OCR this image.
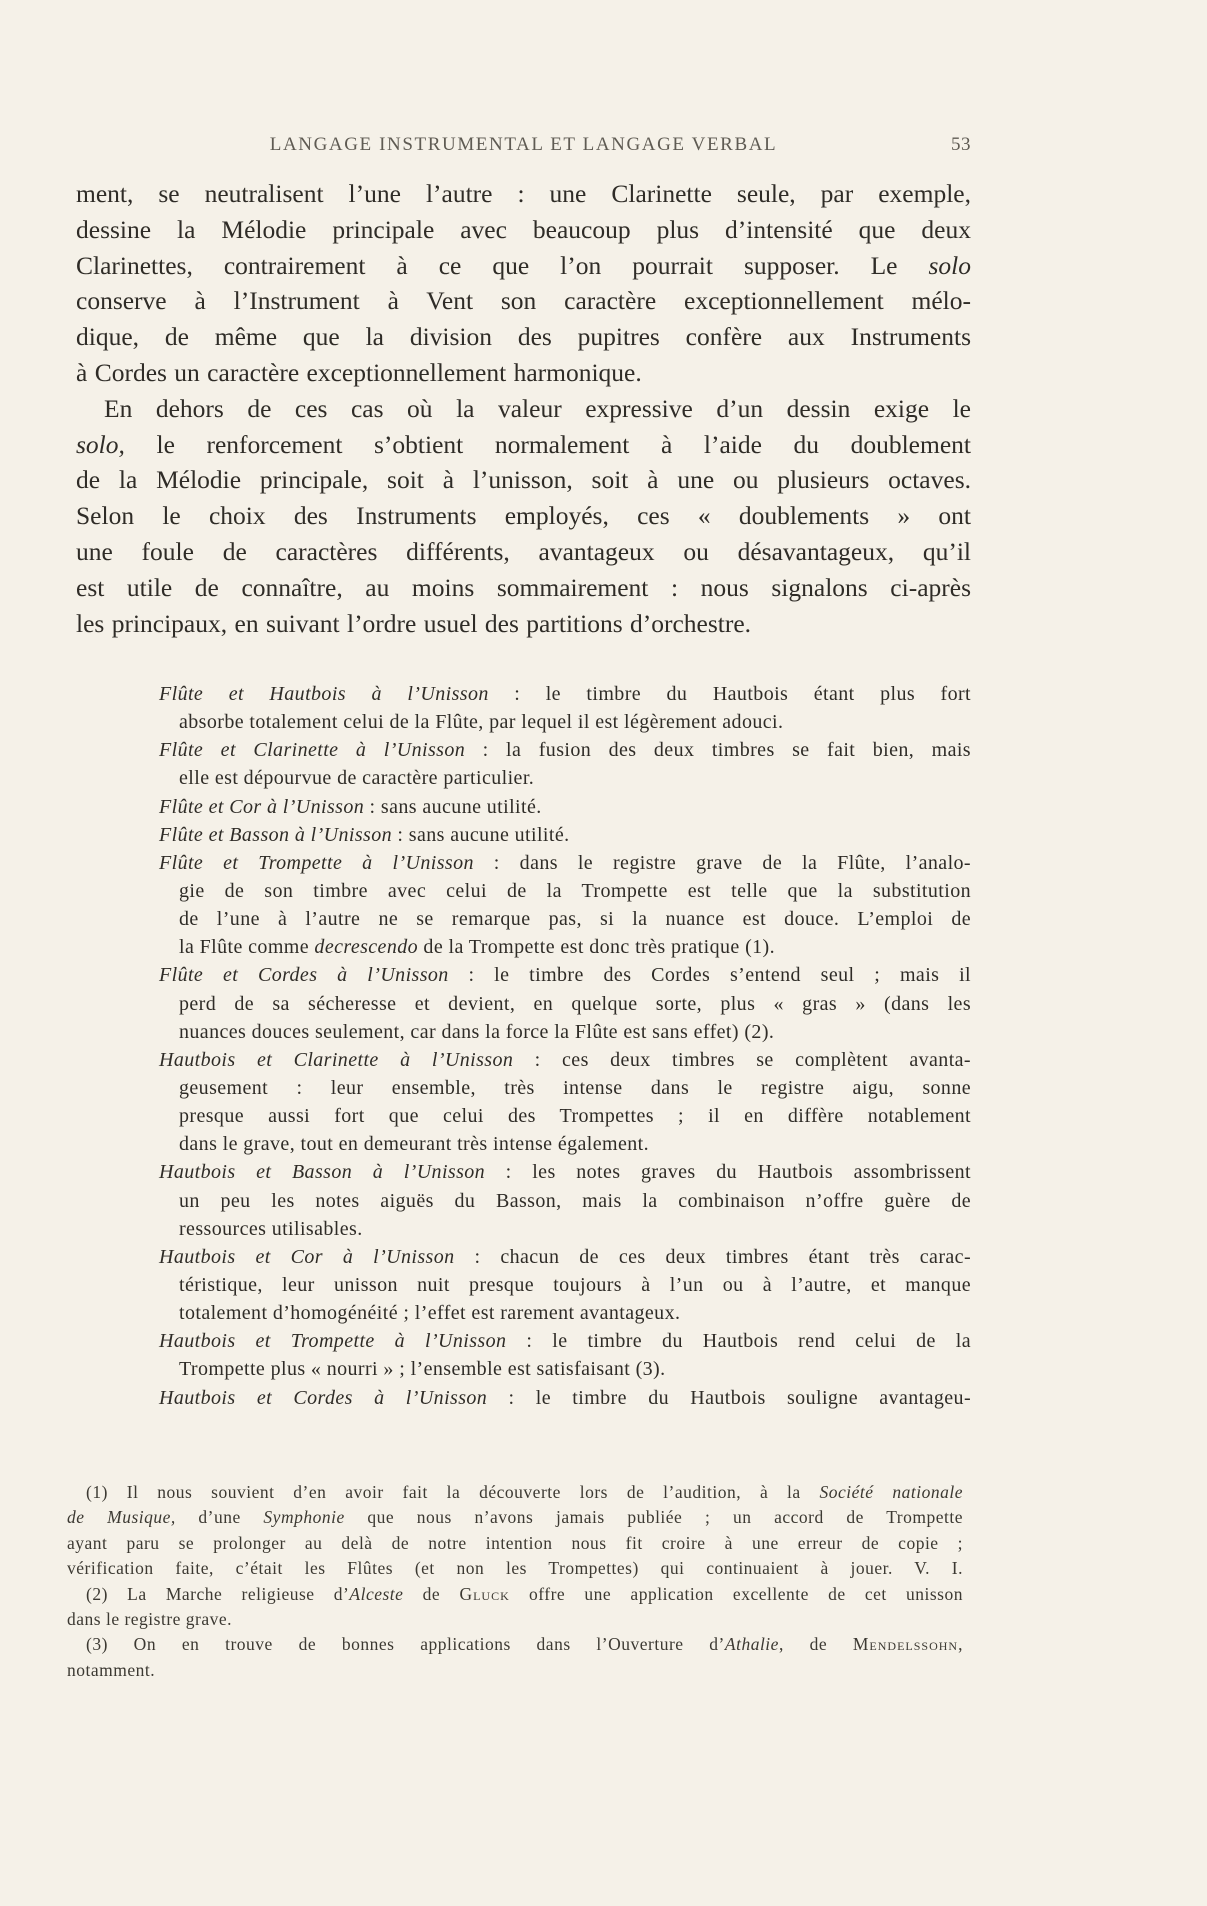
LANGAGE INSTRUMENTAL ET LANGAGE VERBAL	53
ment, se neutralisent l’une l’autre : une Clarinette seule, par exemple,
dessine la Mélodie principale avec beaucoup plus d’intensité que deux
Clarinettes, contrairement à ce que l’on pourrait supposer. Le solo
conserve à l’Instrument à Vent son caractère exceptionnellement mélo-
dique, de même que la division des pupitres confère aux Instruments
à Cordes un caractère exceptionnellement harmonique.
En dehors de ces cas où la valeur expressive d’un dessin exige le
solo, le renforcement s’obtient normalement à l’aide du doublement
de la Mélodie principale, soit à l’unisson, soit à une ou plusieurs octaves.
Selon le choix des Instruments employés, ces « doublements » ont
une foule de caractères différents, avantageux ou désavantageux, qu’il
est utile de connaître, au moins sommairement : nous signalons ci-après
les principaux, en suivant l’ordre usuel des partitions d’orchestre.
Flûte et Hautbois à l’Unisson : le timbre du Hautbois étant plus fort
absorbe totalement celui de la Flûte, par lequel il est légèrement adouci.
Flûte et Clarinette à l’Unisson : la fusion des deux timbres se fait bien, mais
elle est dépourvue de caractère particulier.
Flûte et Cor à l’Unisson : sans aucune utilité.
Flûte et Basson à l’Unisson : sans aucune utilité.
Flûte et Trompette à l’Unisson : dans le registre grave de la Flûte, l’analo-
gie de son timbre avec celui de la Trompette est telle que la substitution
de l’une à l’autre ne se remarque pas, si la nuance est douce. L’emploi de
la Flûte comme decrescendo de la Trompette est donc très pratique (1).
Flûte et Cordes à l’Unisson : le timbre des Cordes s’entend seul ; mais il
perd de sa sécheresse et devient, en quelque sorte, plus « gras » (dans les
nuances douces seulement, car dans la force la Flûte est sans effet) (2).
Hautbois et Clarinette à l’Unisson : ces deux timbres se complètent avanta-
geusement : leur ensemble, très intense dans le registre aigu, sonne
presque aussi fort que celui des Trompettes ; il en diffère notablement
dans le grave, tout en demeurant très intense également.
Hautbois et Basson à l’Unisson : les notes graves du Hautbois assombrissent
un peu les notes aiguës du Basson, mais la combinaison n’offre guère de
ressources utilisables.
Hautbois et Cor à l’Unisson : chacun de ces deux timbres étant très carac-
téristique, leur unisson nuit presque toujours à l’un ou à l’autre, et manque
totalement d’homogénéité ; l’effet est rarement avantageux.
Hautbois et Trompette à l’Unisson : le timbre du Hautbois rend celui de la
Trompette plus « nourri » ; l’ensemble est satisfaisant (3).
Hautbois et Cordes à l’Unisson : le timbre du Hautbois souligne avantageu-
(1) Il nous souvient d’en avoir fait la découverte lors de l’audition, à la Société nationale
de Musique, d’une Symphonie que nous n’avons jamais publiée ; un accord de Trompette
ayant paru se prolonger au delà de notre intention nous fit croire à une erreur de copie ;
vérification faite, c’était les Flûtes (et non les Trompettes) qui continuaient à jouer. V. I.
(2) La Marche religieuse d’Alceste de Gluck offre une application excellente de cet unisson
dans le registre grave.
(3) On en trouve de bonnes applications dans l’Ouverture d’Athalie, de Mendelssohn,
notamment.
